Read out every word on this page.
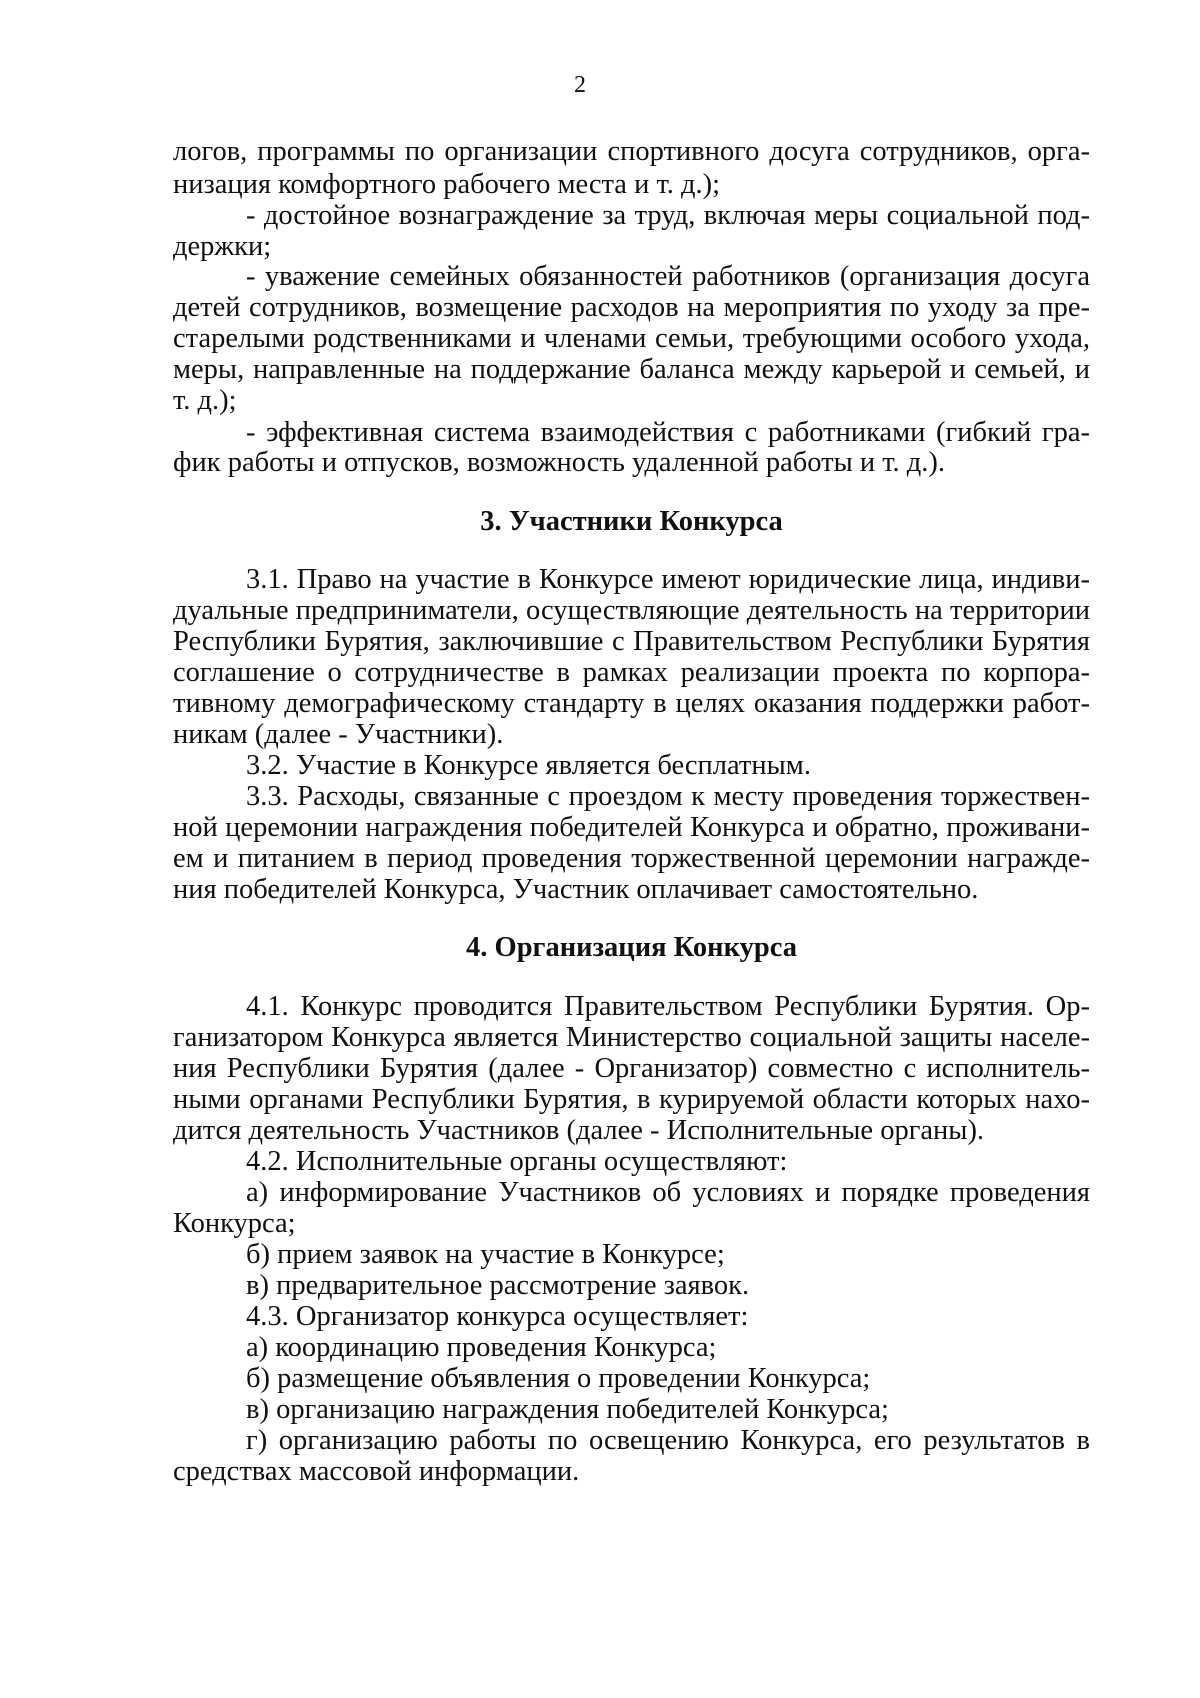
2
логов, программы по организации спортивного досуга сотрудников, орга-
низация комфортного рабочего места и т. д.);
- достойное вознаграждение за труд, включая меры социальной под-
держки;
- уважение семейных обязанностей работников (организация досуга
детей сотрудников, возмещение расходов на мероприятия по уходу за пре-
старелыми родственниками и членами семьи, требующими особого ухода,
меры, направленные на поддержание баланса между карьерой и семьей, и
т. д.);
- эффективная система взаимодействия с работниками (гибкий гра-
фик работы и отпусков, возможность удаленной работы и т. д.).
3. Участники Конкурса
3.1. Право на участие в Конкурсе имеют юридические лица, индиви-
дуальные предприниматели, осуществляющие деятельность на территории
Республики Бурятия, заключившие с Правительством Республики Бурятия
соглашение о сотрудничестве в рамках реализации проекта по корпора-
тивному демографическому стандарту в целях оказания поддержки работ-
никам (далее - Участники).
3.2. Участие в Конкурсе является бесплатным.
3.3. Расходы, связанные с проездом к месту проведения торжествен-
ной церемонии награждения победителей Конкурса и обратно, проживани-
ем и питанием в период проведения торжественной церемонии награжде-
ния победителей Конкурса, Участник оплачивает самостоятельно.
4. Организация Конкурса
4.1. Конкурс проводится Правительством Республики Бурятия. Ор-
ганизатором Конкурса является Министерство социальной защиты населе-
ния Республики Бурятия (далее - Организатор) совместно с исполнитель-
ными органами Республики Бурятия, в курируемой области которых нахо-
дится деятельность Участников (далее - Исполнительные органы).
4.2. Исполнительные органы осуществляют:
а) информирование Участников об условиях и порядке проведения
Конкурса;
б) прием заявок на участие в Конкурсе;
в) предварительное рассмотрение заявок.
4.3. Организатор конкурса осуществляет:
а) координацию проведения Конкурса;
б) размещение объявления о проведении Конкурса;
в) организацию награждения победителей Конкурса;
г) организацию работы по освещению Конкурса, его результатов в
средствах массовой информации.
